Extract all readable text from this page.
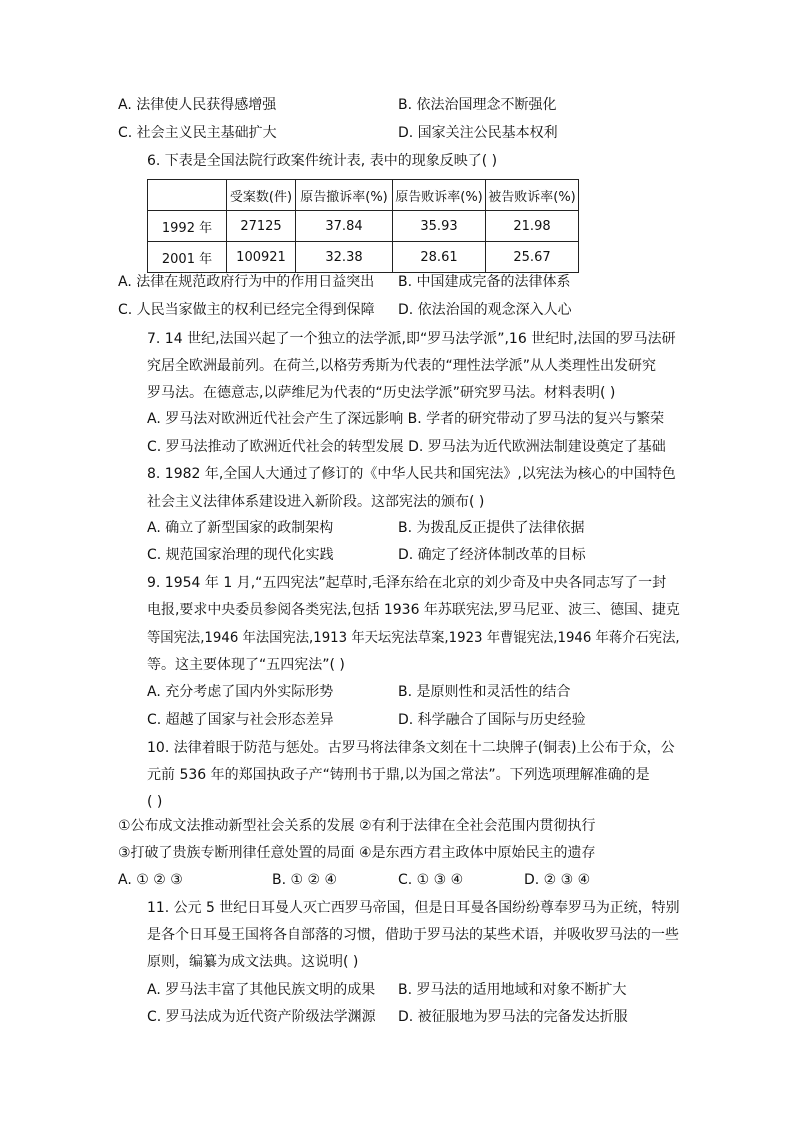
A. 法律使人民获得感增强	B. 依法治国理念不断强化
C. 社会主义民主基础扩大	D. 国家关注公民基本权利
6. 下表是全国法院行政案件统计表, 表中的现象反映了( )
	受案数(件)	原告撤诉率(%)	原告败诉率(%)	被告败诉率(%)
1992 年	27125	37.84	35.93	21.98
2001 年	100921	32.38	28.61	25.67
A. 法律在规范政府行为中的作用日益突出 B. 中国建成完备的法律体系
C. 人民当家做主的权利已经完全得到保障 D. 依法治国的观念深入人心
7. 14 世纪,法国兴起了一个独立的法学派,即“罗马法学派”,16 世纪时,法国的罗马法研
究居全欧洲最前列。在荷兰,以格劳秀斯为代表的“理性法学派”从人类理性出发研究
罗马法。在德意志,以萨维尼为代表的“历史法学派”研究罗马法。材料表明( )
A. 罗马法对欧洲近代社会产生了深远影响 B. 学者的研究带动了罗马法的复兴与繁荣
C. 罗马法推动了欧洲近代社会的转型发展 D. 罗马法为近代欧洲法制建设奠定了基础
8. 1982 年,全国人大通过了修订的《中华人民共和国宪法》,以宪法为核心的中国特色
社会主义法律体系建设进入新阶段。这部宪法的颁布( )
A. 确立了新型国家的政制架构	B. 为拨乱反正提供了法律依据
C. 规范国家治理的现代化实践	D. 确定了经济体制改革的目标
9. 1954 年 1 月,“五四宪法”起草时,毛泽东给在北京的刘少奇及中央各同志写了一封
电报,要求中央委员参阅各类宪法,包括 1936 年苏联宪法,罗马尼亚、波三、德国、捷克
等国宪法,1946 年法国宪法,1913 年天坛宪法草案,1923 年曹锟宪法,1946 年蒋介石宪法,
等。这主要体现了“五四宪法”( )
A. 充分考虑了国内外实际形势	B. 是原则性和灵活性的结合
C. 超越了国家与社会形态差异	D. 科学融合了国际与历史经验
10. 法律着眼于防范与惩处。古罗马将法律条文刻在十二块牌子(铜表)上公布于众，公
元前 536 年的郑国执政子产“铸刑书于鼎,以为国之常法”。下列选项理解准确的是
( )
①公布成文法推动新型社会关系的发展 ②有利于法律在全社会范围内贯彻执行
③打破了贵族专断刑律任意处置的局面 ④是东西方君主政体中原始民主的遗存
A. ① ② ③	B. ① ② ④	C. ① ③ ④	D. ② ③ ④
11. 公元 5 世纪日耳曼人灭亡西罗马帝国，但是日耳曼各国纷纷尊奉罗马为正统，特别
是各个日耳曼王国将各自部落的习惯，借助于罗马法的某些术语，并吸收罗马法的一些
原则，编纂为成文法典。这说明( )
A. 罗马法丰富了其他民族文明的成果 B. 罗马法的适用地域和对象不断扩大
C. 罗马法成为近代资产阶级法学渊源 D. 被征服地为罗马法的完备发达折服
